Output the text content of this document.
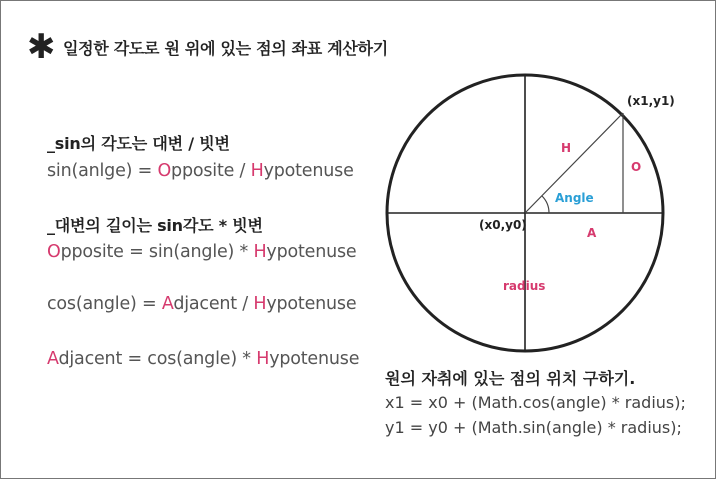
✱ 일정한 각도로 원 위에 있는 점의 좌표 계산하기
_sin의 각도는 대변 / 빗변
sin(anlge) = Opposite / Hypotenuse
_대변의 길이는 sin각도 * 빗변
Opposite = sin(angle) * Hypotenuse
cos(angle) = Adjacent / Hypotenuse
Adjacent = cos(angle) * Hypotenuse
(x1,y1)
(x0,y0)
H
O
A
Angle
radius
원의 자취에 있는 점의 위치 구하기.
x1 = x0 + (Math.cos(angle) * radius);
y1 = y0 + (Math.sin(angle) * radius);
